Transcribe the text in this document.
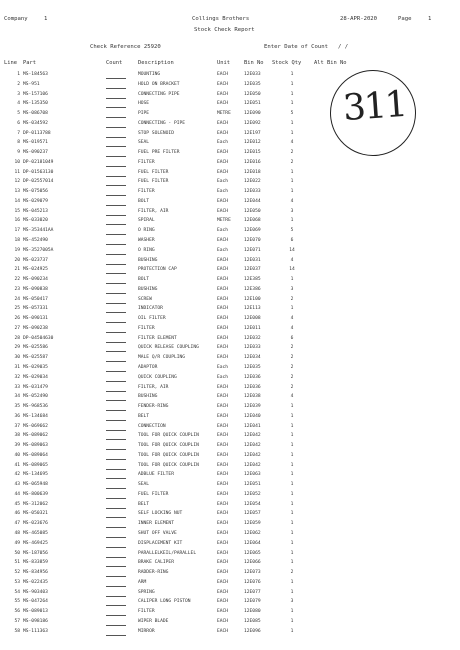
Company	1	Collings Brothers	28-APR-2020	Page	1
Stock Check Report
Check Reference 25920	Enter Date of Count / /
Line Part	Count	Description	Unit	Bin No Stock Qty Alt Bin No
311
1 MS-184563	MOUNTING	EACH	12E033	1
2 MS-951	HOLD ON BRACKET	EACH	12E035	1
3 MS-157106	CONNECTING PIPE	EACH	12E050	1
4 MS-135350	HOSE	EACH	12E051	1
5 MS-086708	PIPE	METRE	12E090	5
6 MS-034592	CONNECTING - PIPE	EACH	12E092	1
7 DP-0113788	STOP SOLENOID	EACH	12E197	1
8 MS-019571	SEAL	Each	12E012	4
9 MS-090237	FUEL PRE FILTER	EACH	12E015	2
10 DP-02181049	FILTER	EACH	12E016	2
11 DP-01563130	FUEL FILTER	EACH	12E018	1
12 DP-02557014	FUEL FILTER	Each	12E022	1
13 MS-075056	FILTER	Each	12E033	1
14 MS-029079	BOLT	EACH	12E044	4
15 MS-045213	FILTER, AIR	EACH	12E050	3
16 MS-033020	SPIRAL	METRE	12E068	1
17 MS-353441AA	O RING	Each	12E069	5
18 MS-452490	WASHER	EACH	12E070	6
19 MS-3527005A	O RING	Each	12E071	14
20 MS-023737	BUSHING	EACH	12E031	4
21 MS-024925	PROTECTION CAP	EACH	12E037	14
22 MS-090234	BOLT	EACH	12E385	1
23 MS-090838	BUSHING	EACH	12E386	3
24 MS-050417	SCREW	EACH	12E100	2
25 MS-057331	INDICATOR	EACH	12E113	1
26 MS-090131	OIL FILTER	EACH	12E008	4
27 MS-090238	FILTER	EACH	12E011	4
28 DP-04504630	FILTER ELEMENT	EACH	12E032	6
29 MS-025586	QUICK RELEASE COUPLING	EACH	12E033	2
30 MS-025587	MALE Q/R COUPLING	EACH	12E034	2
31 MS-029035	ADAPTOR	Each	12E035	2
32 MS-029034	QUICK COUPLING	Each	12E036	2
33 MS-031479	FILTER, AIR	EACH	12E036	2
34 MS-052490	BUSHING	EACH	12E038	4
35 MS-968536	FENDER-RING	EACH	12E039	1
36 MS-134684	BELT	EACH	12E040	1
37 MS-069662	CONNECTION	EACH	12E041	1
38 MS-089062	TOOL FOR QUICK COUPLIN	EACH	12E042	1
39 MS-089063	TOOL FOR QUICK COUPLIN	EACH	12E042	1
40 MS-089064	TOOL FOR QUICK COUPLIN	EACH	12E042	1
41 MS-089065	TOOL FOR QUICK COUPLIN	EACH	12E042	1
42 MS-134695	ADBLUE FILTER	EACH	12E063	1
43 MS-065948	SEAL	EACH	12E051	1
44 MS-800639	FUEL FILTER	EACH	12E052	1
45 MS-312062	BELT	EACH	12E054	1
46 MS-050321	SELF LOCKING NUT	EACH	12E057	1
47 MS-023676	INNER ELEMENT	EACH	12E059	1
48 MS-465085	SHUT OFF VALVE	EACH	12E062	1
49 MS-469425	DISPLACEMENT KIT	EACH	12E064	1
50 MS-187056	PARALLELKEIL/PARALLEL	EACH	12E065	1
51 MS-833859	BRAKE CALIPER	EACH	12E066	1
52 MS-834956	RADDER-RING	EACH	12E073	2
53 MS-022435	ARM	EACH	12E076	1
54 MS-903403	SPRING	EACH	12E077	1
55 MS-047264	CALIPER LONG PISTON	EACH	12E079	3
56 MS-089013	FILTER	EACH	12E080	1
57 MS-098186	WIPER BLADE	EACH	12E085	1
58 MS-111363	MIRROR	EACH	12E096	1
